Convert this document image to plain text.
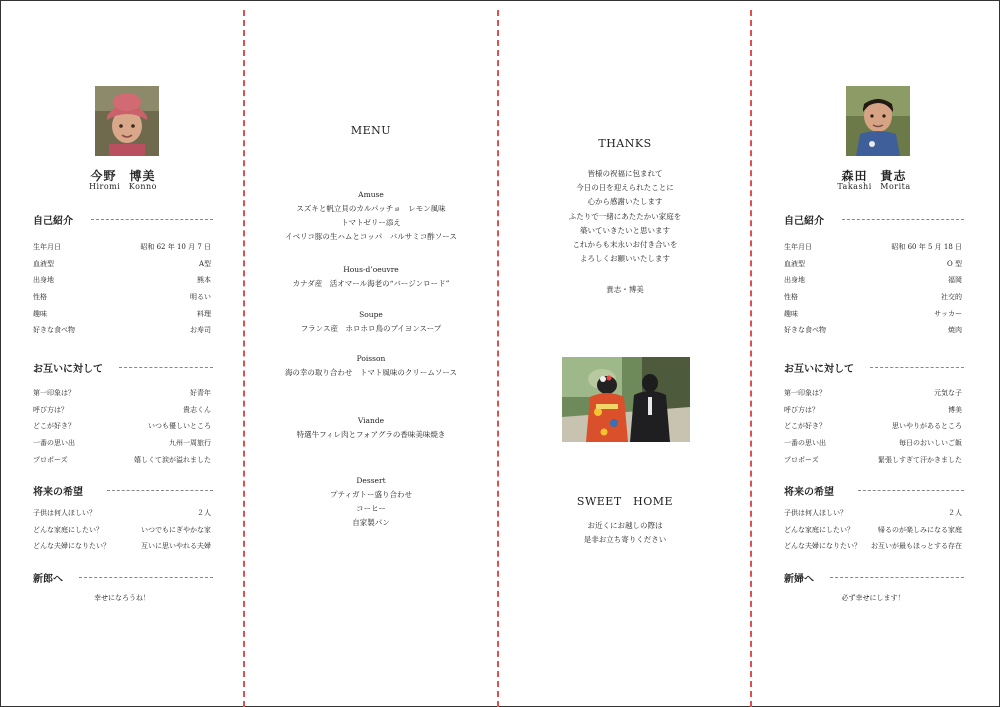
今野　博美
Hiromi　Konno
自己紹介
生年月日	昭和 62 年 10 月 7 日
血液型	A型
出身地	熊本
性格	明るい
趣味	料理
好きな食べ物	お寿司
お互いに対して
第一印象は？	好青年
呼び方は？	貴志くん
どこが好き？	いつも優しいところ
一番の思い出	九州一周旅行
プロポーズ	嬉しくて涙が溢れました
将来の希望
子供は何人ほしい？	２人
どんな家庭にしたい？	いつでもにぎやかな家
どんな夫婦になりたい？	互いに思いやれる夫婦
新郎へ
幸せになろうね！
MENU
Amuse
スズキと帆立貝のカルパッチョ　レモン風味
トマトゼリー添え
イベリコ豚の生ハムとコッパ　バルサミコ酢ソース
Hous-d’oeuvre
カナダ産　活オマール海老の“バージンロード”
Soupe
フランス産　ホロホロ鳥のブイヨンスープ
Poisson
海の幸の取り合わせ　トマト風味のクリームソース
Viande
特選牛フィレ肉とフォアグラの香味美味焼き
Dessert
プティガトー盛り合わせ
コーヒー
自家製パン
THANKS
皆様の祝福に包まれて
今日の日を迎えられたことに
心から感謝いたします
ふたりで一緒にあたたかい家庭を
築いていきたいと思います
これからも末永いお付き合いを
よろしくお願いいたします
貴志・博美
SWEET　HOME
お近くにお越しの際は
是非お立ち寄りください
森田　貴志
Takashi　Morita
自己紹介
生年月日	昭和 60 年 5 月 18 日
血液型	O 型
出身地	福岡
性格	社交的
趣味	サッカー
好きな食べ物	焼肉
お互いに対して
第一印象は？	元気な子
呼び方は？	博美
どこが好き？	思いやりがあるところ
一番の思い出	毎日のおいしいご飯
プロポーズ	緊張しすぎて汗かきました
将来の希望
子供は何人ほしい？	２人
どんな家庭にしたい？	帰るのが楽しみになる家庭
どんな夫婦になりたい？ お互いが最もほっとする存在
新婦へ
必ず幸せにします！
